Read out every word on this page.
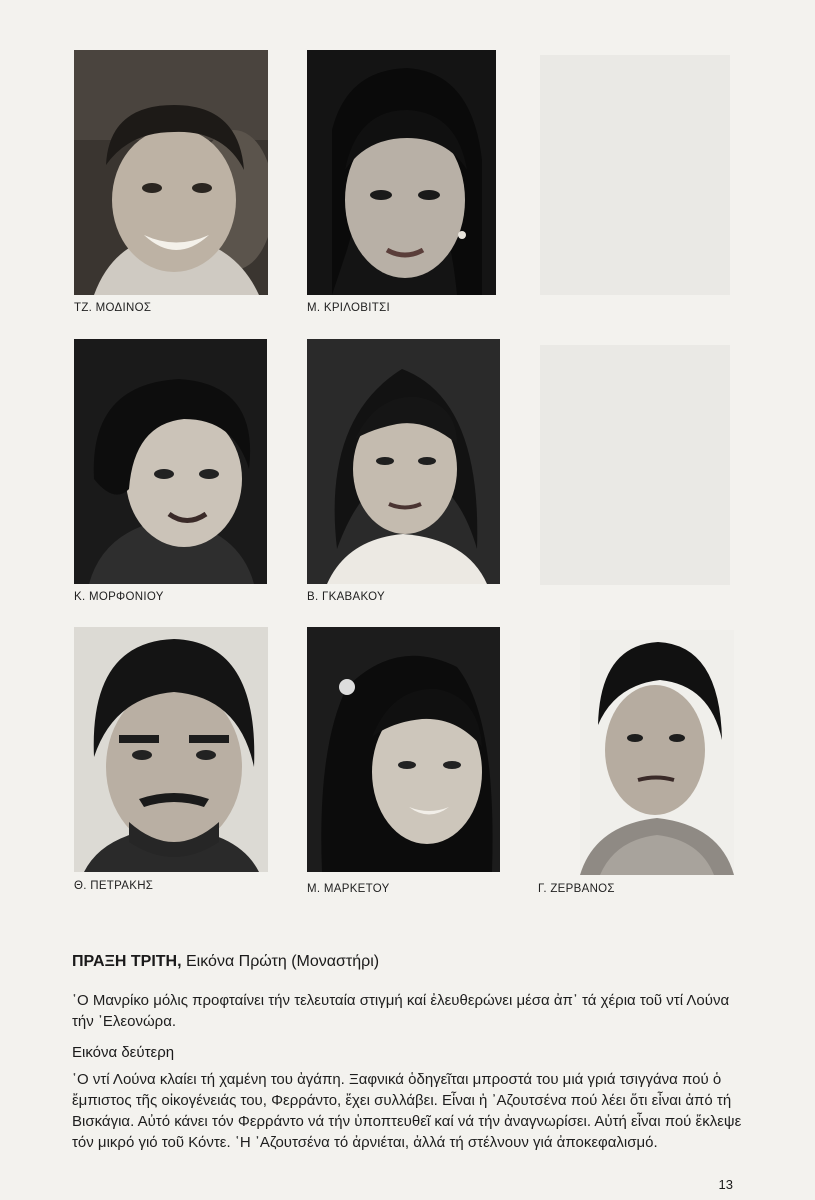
ΤΖ. ΜΟΔΙΝΟΣ	Μ. ΚΡΙΛΟΒΙΤΣΙ
Κ. ΜΟΡΦΟΝΙΟΥ	Β. ΓΚΑΒΑΚΟΥ
Θ. ΠΕΤΡΑΚΗΣ	Μ. ΜΑΡΚΕΤΟΥ	Γ. ΖΕΡΒΑΝΟΣ
ΠΡΑΞΗ ΤΡΙΤΗ, Εικόνα Πρώτη (Μοναστήρι)
῾Ο Μανρίκο μόλις προφταίνει τήν τελευταία στιγμή καί ἐλευθερώνει μέσα ἀπ᾽ τά χέρια τοῦ ντί Λούνα τήν ᾿Ελεονώρα.
Εικόνα δεύτερη
῾Ο ντί Λούνα κλαίει τή χαμένη του ἀγάπη. Ξαφνικά ὁδηγεῖται μπροστά του μιά γριά τσιγγάνα πού ὁ ἔμπιστος τῆς οἰκογένειάς του, Φερράντο, ἔχει συλλάβει. Εἶναι ἡ ᾿Αζουτσένα πού λέει ὅτι εἶναι ἀπό τή Βισκάγια. Αὐτό κάνει τόν Φερράντο νά τήν ὑποπτευθεῖ καί νά τήν ἀναγνωρίσει. Αὐτή εἶναι πού ἔκλεψε τόν μικρό γιό τοῦ Κόντε. ῾Η ᾿Αζουτσένα τό ἀρνιέται, ἀλλά τή στέλνουν γιά ἀποκεφαλισμό.
13
